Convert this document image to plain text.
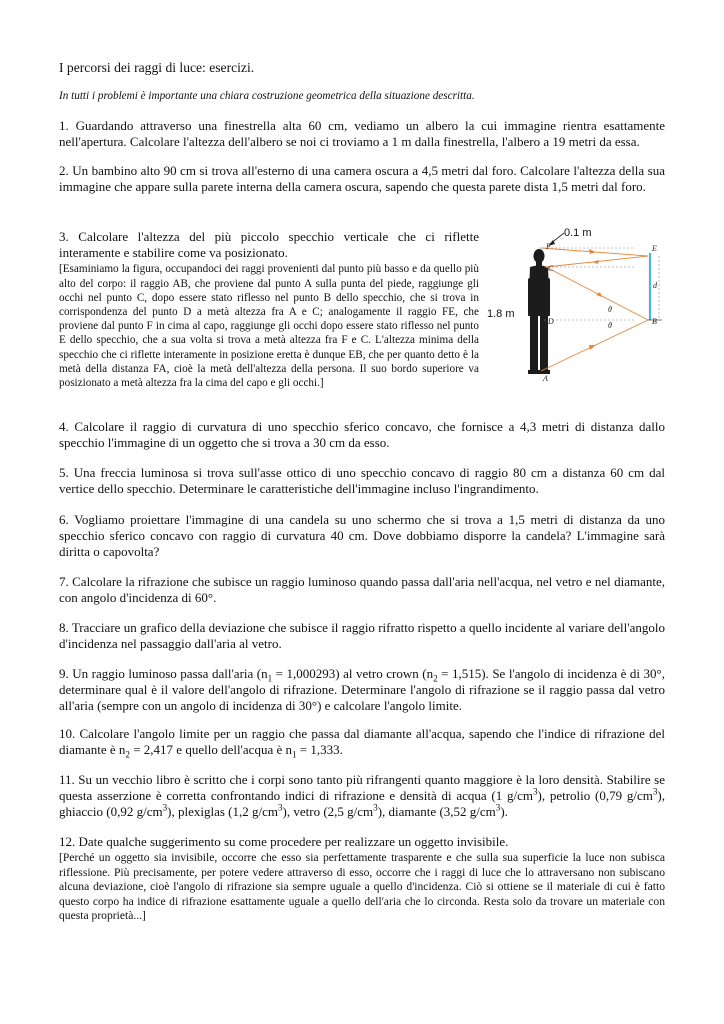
I percorsi dei raggi di luce: esercizi.

In tutti i problemi è importante una chiara costruzione geometrica della situazione descritta.

1. Guardando attraverso una finestrella alta 60 cm, vediamo un albero la cui immagine rientra esattamente nell'apertura. Calcolare l'altezza dell'albero se noi ci troviamo a 1 m dalla finestrella, l'albero a 19 metri da essa.

2. Un bambino alto 90 cm si trova all'esterno di una camera oscura a 4,5 metri dal foro. Calcolare l'altezza della sua immagine che appare sulla parete interna della camera oscura, sapendo che questa parete dista 1,5 metri dal foro.

3. Calcolare l'altezza del più piccolo specchio verticale che ci riflette interamente e stabilire come va posizionato.
[Esaminiamo la figura, occupandoci dei raggi provenienti dal punto più basso e da quello più alto del corpo: il raggio AB, che proviene dal punto A sulla punta del piede, raggiunge gli occhi nel punto C, dopo essere stato riflesso nel punto B dello specchio, che si trova in corrispondenza del punto D a metà altezza fra A e C; analogamente il raggio FE, che proviene dal punto F in cima al capo, raggiunge gli occhi dopo essere stato riflesso nel punto E dello specchio, che a sua volta si trova a metà altezza fra F e C. L'altezza minima della specchio che ci riflette interamente in posizione eretta è dunque EB, che per quanto detto è la metà della distanza FA, cioè la metà dell'altezza della persona. Il suo bordo superiore va posizionato a metà altezza fra la cima del capo e gli occhi.]
0.1 m
1.8 m
F
C
D
A
E
B
d
θ
θ

4. Calcolare il raggio di curvatura di uno specchio sferico concavo, che fornisce a 4,3 metri di distanza dallo specchio l'immagine di un oggetto che si trova a 30 cm da esso.

5. Una freccia luminosa si trova sull'asse ottico di uno specchio concavo di raggio 80 cm a distanza 60 cm dal vertice dello specchio. Determinare le caratteristiche dell'immagine incluso l'ingrandimento.

6. Vogliamo proiettare l'immagine di una candela su uno schermo che si trova a 1,5 metri di distanza da uno specchio sferico concavo con raggio di curvatura 40 cm. Dove dobbiamo disporre la candela? L'immagine sarà diritta o capovolta?

7. Calcolare la rifrazione che subisce un raggio luminoso quando passa dall'aria nell'acqua, nel vetro e nel diamante, con angolo d'incidenza di 60°.

8. Tracciare un grafico della deviazione che subisce il raggio rifratto rispetto a quello incidente al variare dell'angolo d'incidenza nel passaggio dall'aria al vetro.

9. Un raggio luminoso passa dall'aria $(n_1 = 1,000293)$ al vetro crown $(n_2 = 1,515)$. Se l'angolo di incidenza è di 30°, determinare qual è il valore dell'angolo di rifrazione. Determinare l'angolo di rifrazione se il raggio passa dal vetro all'aria (sempre con un angolo di incidenza di 30°) e calcolare l'angolo limite.

10. Calcolare l'angolo limite per un raggio che passa dal diamante all'acqua, sapendo che l'indice di rifrazione del diamante è $n_2 = 2,417$ e quello dell'acqua è $n_1 = 1,333$.

11. Su un vecchio libro è scritto che i corpi sono tanto più rifrangenti quanto maggiore è la loro densità. Stabilire se questa asserzione è corretta confrontando indici di rifrazione e densità di acqua (1 $g/cm^3$), petrolio (0,79 $g/cm^3$), ghiaccio (0,92 $g/cm^3$), plexiglas (1,2 $g/cm^3$), vetro (2,5 $g/cm^3$), diamante (3,52 $g/cm^3$).

12. Date qualche suggerimento su come procedere per realizzare un oggetto invisibile.

[Perché un oggetto sia invisibile, occorre che esso sia perfettamente trasparente e che sulla sua superficie la luce non subisca riflessione. Più precisamente, per potere vedere attraverso di esso, occorre che i raggi di luce che lo attraversano non subiscano alcuna deviazione, cioè l'angolo di rifrazione sia sempre uguale a quello d'incidenza. Ciò si ottiene se il materiale di cui è fatto questo corpo ha indice di rifrazione esattamente uguale a quello dell'aria che lo circonda. Resta solo da trovare un materiale con questa proprietà...]
